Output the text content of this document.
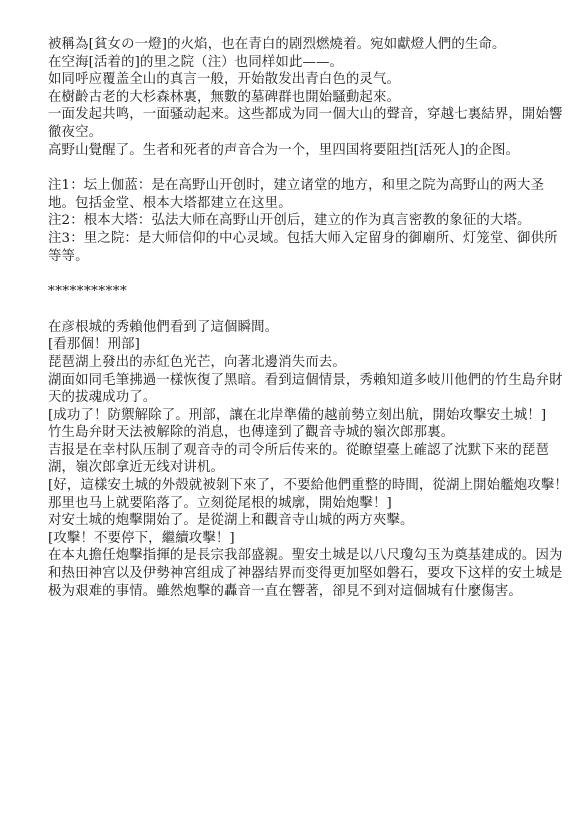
被稱為[貧女の一燈]的火焰，也在青白的剧烈燃燒着。宛如獻燈人們的生命。

在空海[活着的]的里之院（注）也同样如此——。

如同呼应覆盖全山的真言一般，开始散发出青白色的灵气。

在樹齡古老的大杉森林裏，無數的墓碑群也開始騷動起來。

一面发起共鸣，一面骚动起来。这些都成为同一個大山的聲音，穿越七裏結界，開始響徹夜空。

高野山覺醒了。生者和死者的声音合为一个，里四国将要阻挡[活死人]的企图。

注1：坛上伽蓝：是在高野山开创时，建立诸堂的地方，和里之院为高野山的两大圣地。包括金堂、根本大塔都建立在这里。

注2：根本大塔：弘法大师在高野山开创后，建立的作为真言密教的象征的大塔。

注3：里之院：是大师信仰的中心灵域。包括大师入定留身的御廟所、灯笼堂、御供所等等。

***********

在彦根城的秀賴他們看到了這個瞬間。

[看那個！刑部]

琵琶湖上發出的赤紅色光芒，向著北邊消失而去。

湖面如同毛筆拂過一樣恢復了黑暗。看到這個情景，秀賴知道多岐川他們的竹生島弁財天的拔魂成功了。

[成功了！防禦解除了。刑部，讓在北岸準備的越前勢立刻出航，開始攻擊安土城！]

竹生島弁財天法被解除的消息，也傳達到了觀音寺城的嶺次郎那裏。

吉报是在幸村队压制了观音寺的司令所后传来的。從瞭望臺上確認了沈默下来的琵琶湖，嶺次郎拿近无线对讲机。

[好，這樣安土城的外殻就被剝下來了，不要給他們重整的時間，從湖上開始艦炮攻擊！那里也马上就要陷落了。立刻從尾根的城廓，開始炮擊！]

对安土城的炮擊開始了。是從湖上和觀音寺山城的两方夾擊。

[攻擊！不要停下，繼續攻擊！]

在本丸擔任炮擊指揮的是長宗我部盛親。聖安土城是以八尺瓊勾玉为奠基建成的。因为和热田神宫以及伊勢神宮组成了神器结界而变得更加堅如磐石，要攻下这样的安土城是极为艰难的事情。雖然炮擊的轟音一直在響著，卻見不到对這個城有什麼傷害。
